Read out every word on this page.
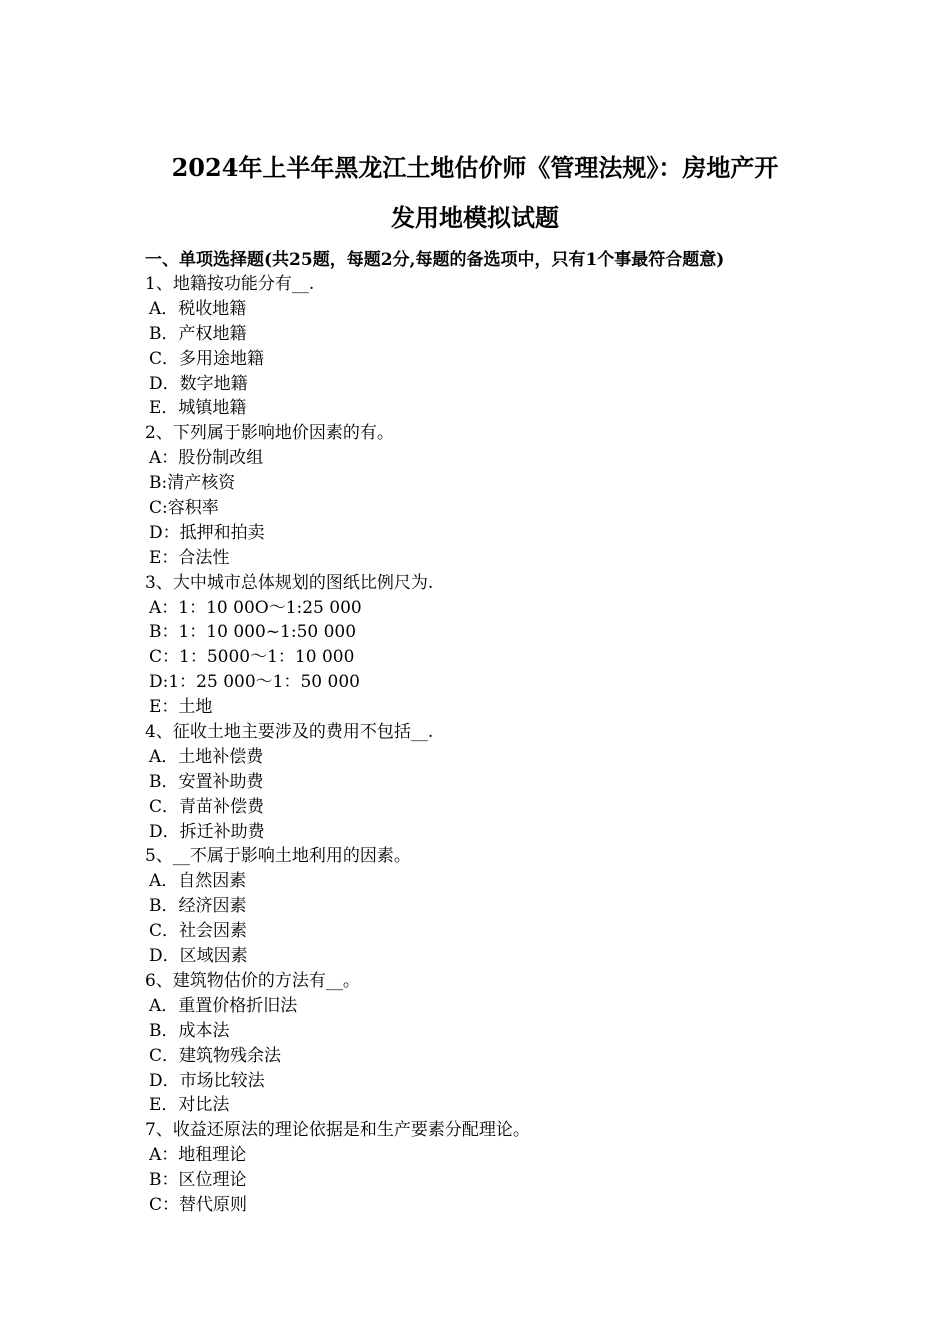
2024年上半年黑龙江土地估价师《管理法规》：房地产开
发用地模拟试题
一、单项选择题(共25题，每题2分,每题的备选项中，只有1个事最符合题意)
1、地籍按功能分有__.
A．税收地籍
B．产权地籍
C．多用途地籍
D．数字地籍
E．城镇地籍
2、下列属于影响地价因素的有。
A：股份制改组
B:清产核资
C:容积率
D：抵押和拍卖
E：合法性
3、大中城市总体规划的图纸比例尺为.
A：1：10 00O～1:25 000
B：1：10 000~1:50 000
C：1：5000～1：10 000
D:1：25 000～1：50 000
E：土地
4、征收土地主要涉及的费用不包括__.
A．土地补偿费
B．安置补助费
C．青苗补偿费
D．拆迁补助费
5、__不属于影响土地利用的因素。
A．自然因素
B．经济因素
C．社会因素
D．区域因素
6、建筑物估价的方法有__。
A．重置价格折旧法
B．成本法
C．建筑物残余法
D．市场比较法
E．对比法
7、收益还原法的理论依据是和生产要素分配理论。
A：地租理论
B：区位理论
C：替代原则
